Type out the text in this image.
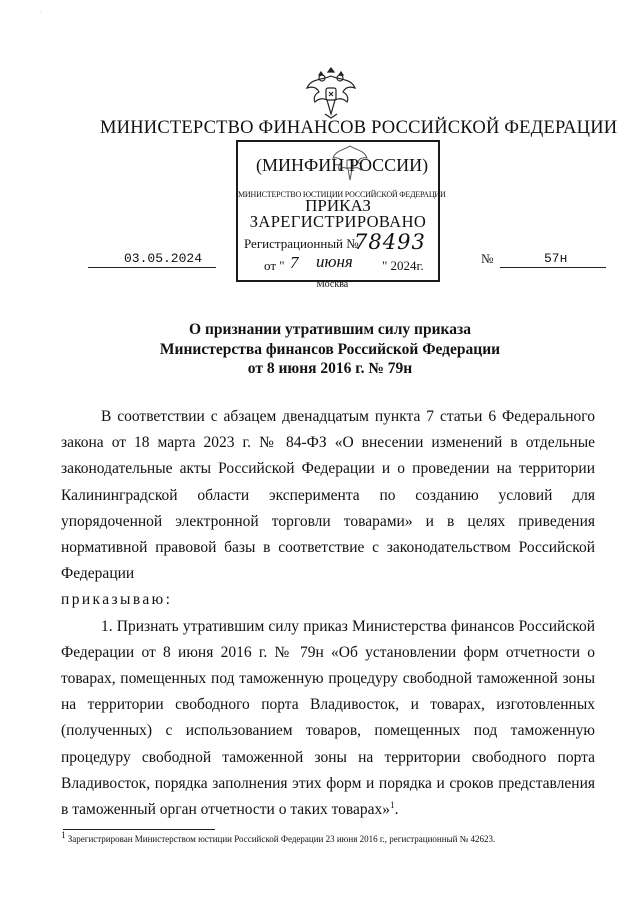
·
МИНИСТЕРСТВО ФИНАНСОВ РОССИЙСКОЙ ФЕДЕРАЦИИ
(МИНФИН РОССИИ)
МИНИСТЕРСТВО ЮСТИЦИИ РОССИЙСКОЙ ФЕДЕРАЦИИ
ПРИКАЗ
ЗАРЕГИСТРИРОВАНО
Регистрационный №
78493
от " 7 июня " 2024г.
03.05.2024	№	57н
Москва
О признании утратившим силу приказа
Министерства финансов Российской Федерации
от 8 июня 2016 г. № 79н

В соответствии с абзацем двенадцатым пункта 7 статьи 6 Федерального закона от 18 марта 2023 г. № 84-ФЗ «О внесении изменений в отдельные законодательные акты Российской Федерации и о проведении на территории Калининградской области эксперимента по созданию условий для упорядоченной электронной торговли товарами» и в целях приведения нормативной правовой базы в соответствие с законодательством Российской Федерации

приказываю:

1. Признать утратившим силу приказ Министерства финансов Российской Федерации от 8 июня 2016 г. № 79н «Об установлении форм отчетности о товарах, помещенных под таможенную процедуру свободной таможенной зоны на территории свободного порта Владивосток, и товарах, изготовленных (полученных) с использованием товаров, помещенных под таможенную процедуру свободной таможенной зоны на территории свободного порта Владивосток, порядка заполнения этих форм и порядка и сроков представления в таможенный орган отчетности о таких товарах»$^1$.

$^1$ Зарегистрирован Министерством юстиции Российской Федерации 23 июня 2016 г., регистрационный № 42623.
